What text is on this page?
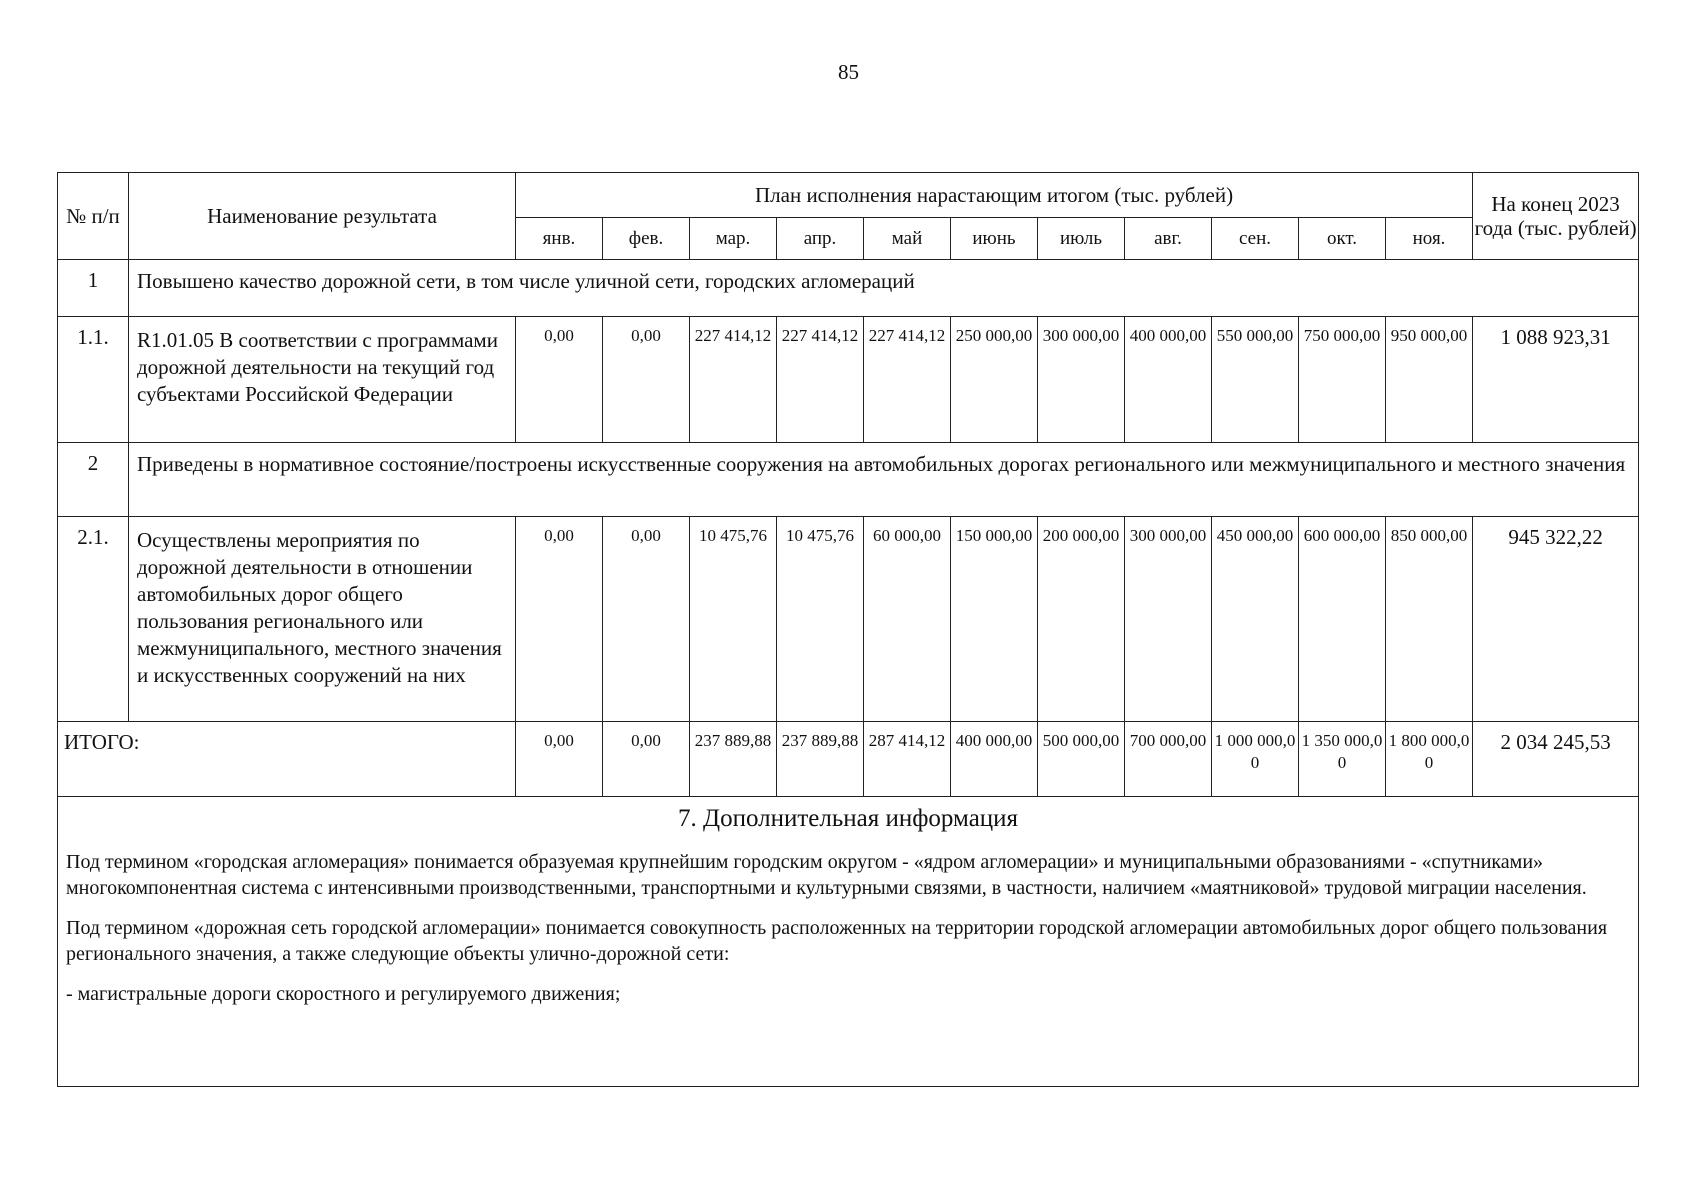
85
№ п/п	Наименование результата	План исполнения нарастающим итогом (тыс. рублей)											На конец 2023 года (тыс. рублей)
		янв.	фев.	мар.	апр.	май	июнь	июль	авг.	сен.	окт.	ноя.	
1	Повышено качество дорожной сети, в том числе уличной сети, городских агломераций												
1.1.	R1.01.05 В соответствии с программами дорожной деятельности на текущий год субъектами Российской Федерации	0,00	0,00	227 414,12	227 414,12	227 414,12	250 000,00	300 000,00	400 000,00	550 000,00	750 000,00	950 000,00	1 088 923,31
2	Приведены в нормативное состояние/построены искусственные сооружения на автомобильных дорогах регионального или межмуниципального и местного значения												
2.1.	Осуществлены мероприятия по дорожной деятельности в отношении автомобильных дорог общего пользования регионального или межмуниципального, местного значения и искусственных сооружений на них	0,00	0,00	10 475,76	10 475,76	60 000,00	150 000,00	200 000,00	300 000,00	450 000,00	600 000,00	850 000,00	945 322,22
ИТОГО:		0,00	0,00	237 889,88	237 889,88	287 414,12	400 000,00	500 000,00	700 000,00	1 000 000,00	1 350 000,00	1 800 000,00	2 034 245,53

7. Дополнительная информация

Под термином «городская агломерация» понимается образуемая крупнейшим городским округом - «ядром агломерации» и муниципальными образованиями - «спутниками» многокомпонентная система с интенсивными производственными, транспортными и культурными связями, в частности, наличием «маятниковой» трудовой миграции населения.

Под термином «дорожная сеть городской агломерации» понимается совокупность расположенных на территории городской агломерации автомобильных дорог общего пользования регионального значения, а также следующие объекты улично-дорожной сети:

- магистральные дороги скоростного и регулируемого движения;													
